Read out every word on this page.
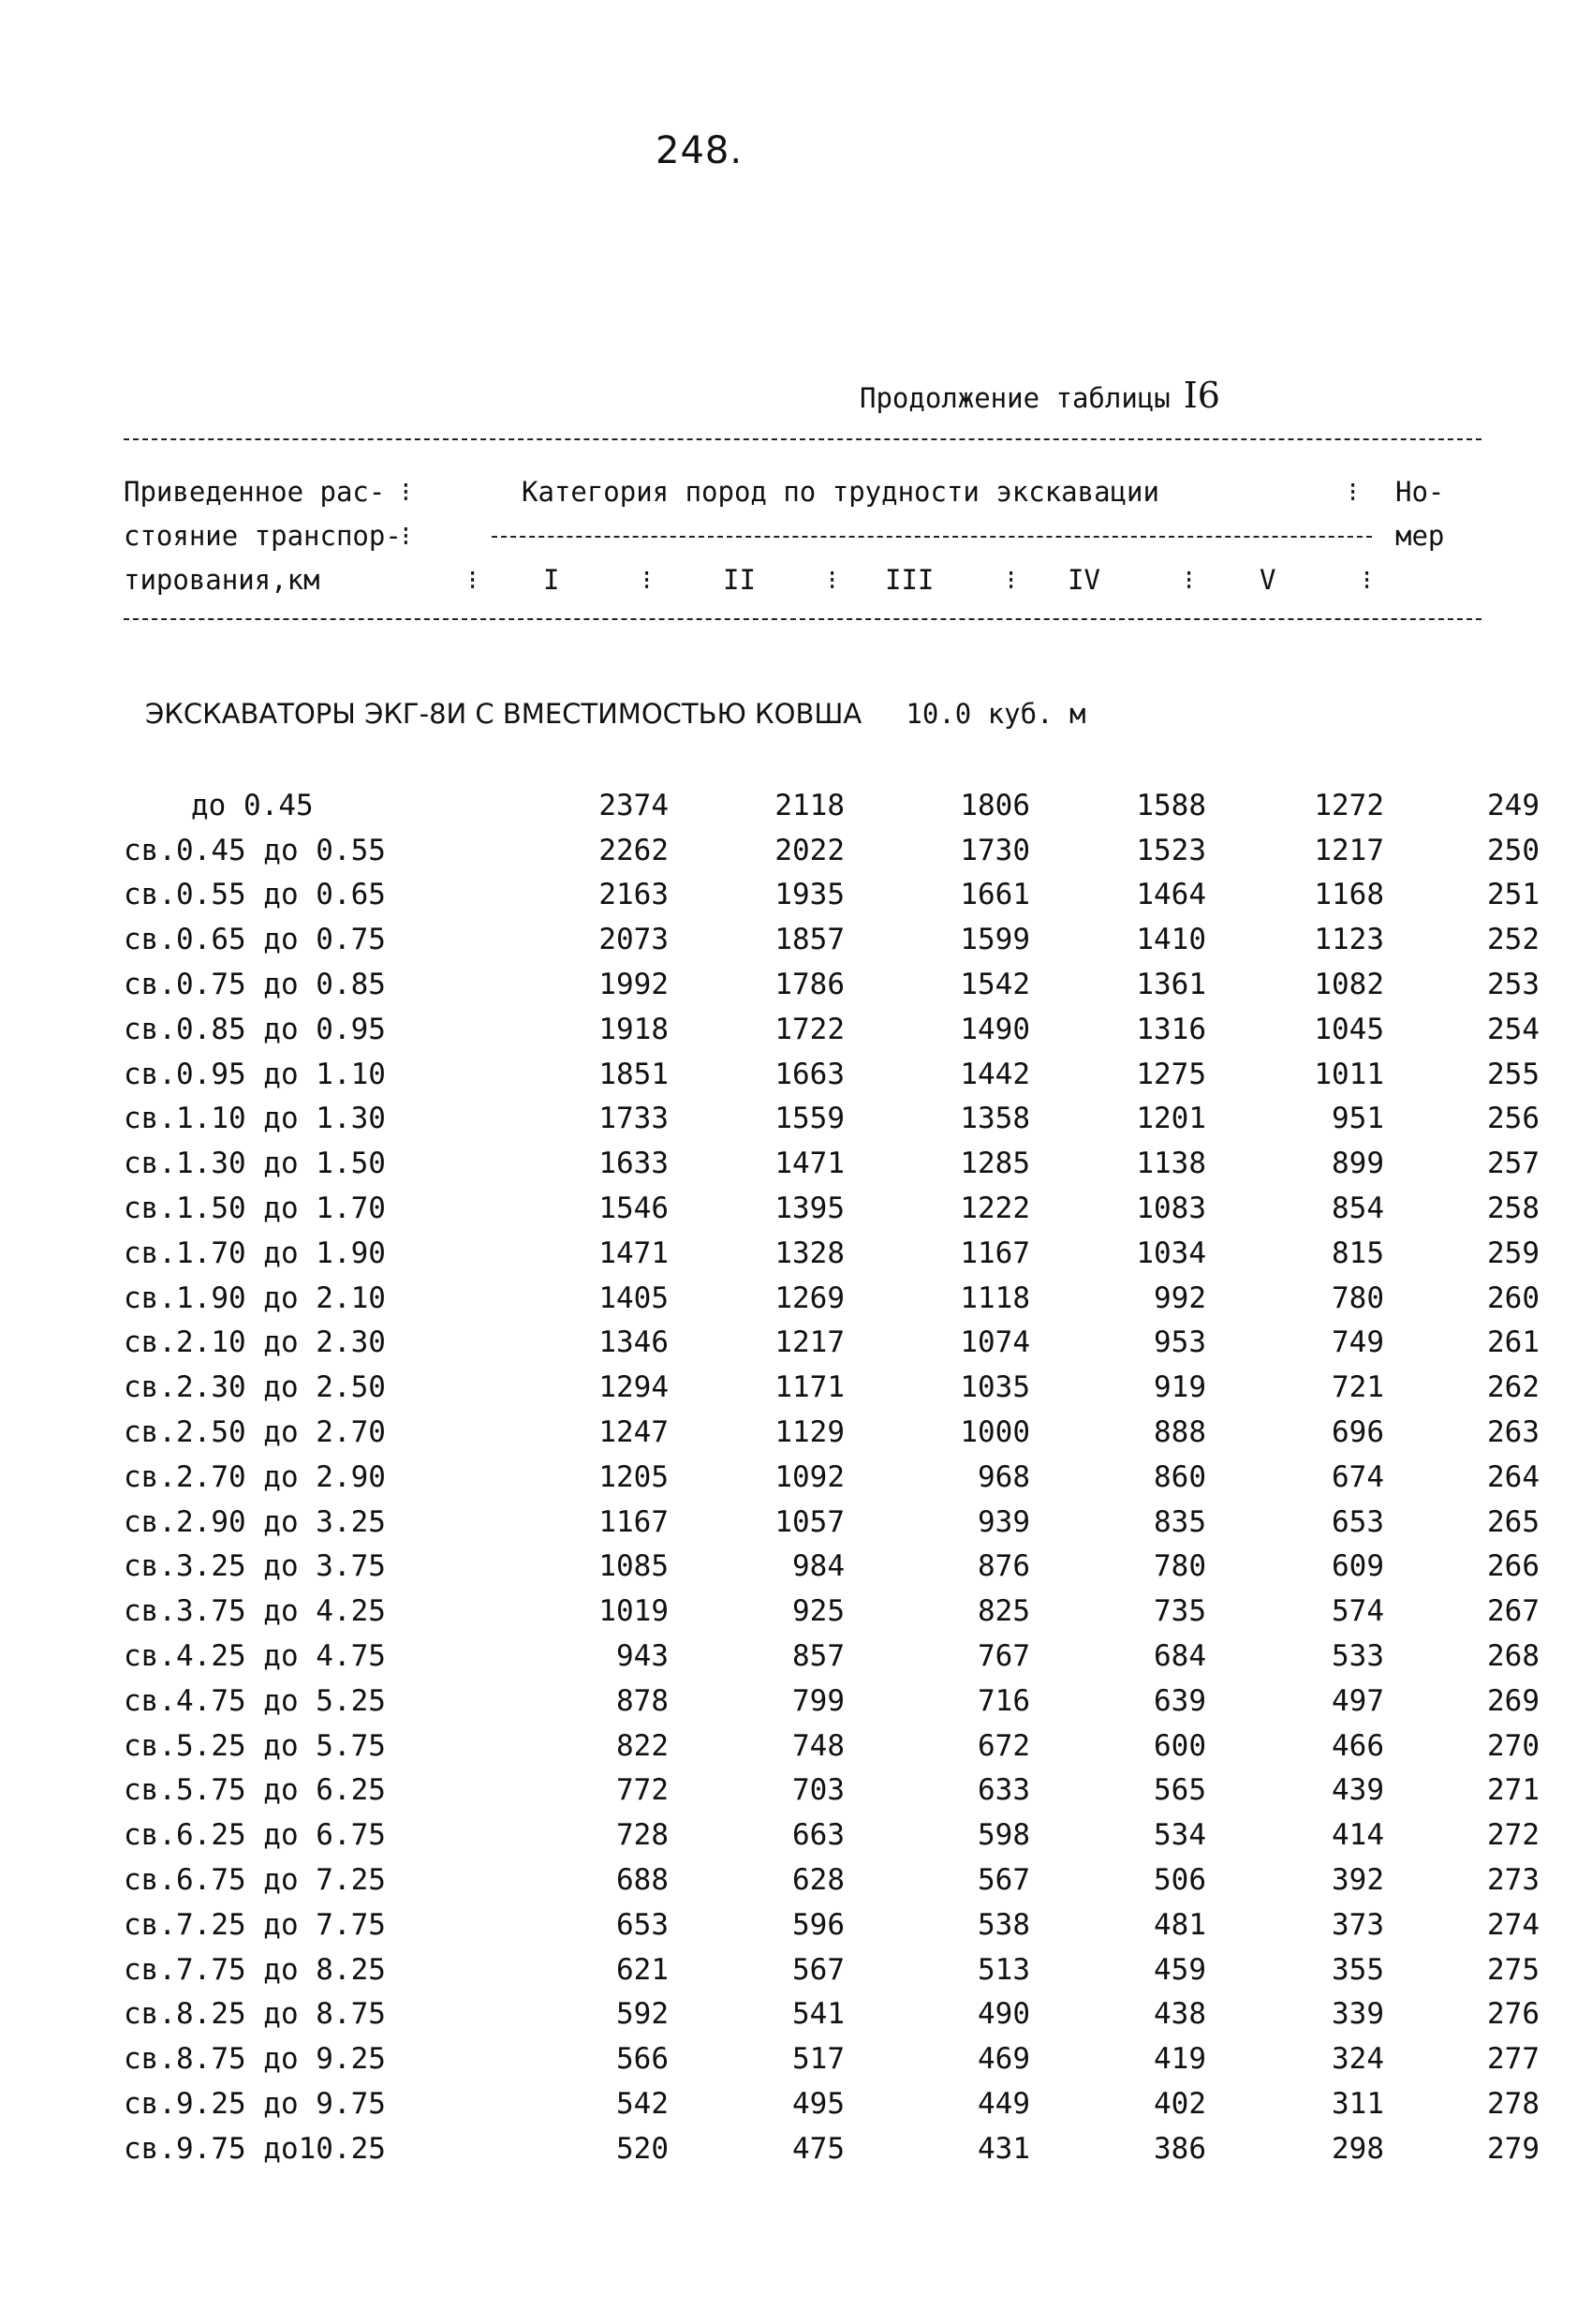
248.
Продолжение таблицы I6
Приведенное рас- ⁝
стояние транспор-⁝
тирования,км
Категория пород по трудности экскавации	⁝ Но-
мер
⁝ I	⁝	II	⁝ III	⁝ IV	⁝ V	⁝
ЭКСКАВАТОРЫ ЭКГ-8И С ВМЕСТИМОСТЬЮ КОВША 10.0 куб. м
до 0.45	2374	2118	1806	1588	1272	249
св.0.45 до 0.55	2262	2022	1730	1523	1217	250
св.0.55 до 0.65	2163	1935	1661	1464	1168	251
св.0.65 до 0.75	2073	1857	1599	1410	1123	252
св.0.75 до 0.85	1992	1786	1542	1361	1082	253
св.0.85 до 0.95	1918	1722	1490	1316	1045	254
св.0.95 до 1.10	1851	1663	1442	1275	1011	255
св.1.10 до 1.30	1733	1559	1358	1201	951	256
св.1.30 до 1.50	1633	1471	1285	1138	899	257
св.1.50 до 1.70	1546	1395	1222	1083	854	258
св.1.70 до 1.90	1471	1328	1167	1034	815	259
св.1.90 до 2.10	1405	1269	1118	992	780	260
св.2.10 до 2.30	1346	1217	1074	953	749	261
св.2.30 до 2.50	1294	1171	1035	919	721	262
св.2.50 до 2.70	1247	1129	1000	888	696	263
св.2.70 до 2.90	1205	1092	968	860	674	264
св.2.90 до 3.25	1167	1057	939	835	653	265
св.3.25 до 3.75	1085	984	876	780	609	266
св.3.75 до 4.25	1019	925	825	735	574	267
св.4.25 до 4.75	943	857	767	684	533	268
св.4.75 до 5.25	878	799	716	639	497	269
св.5.25 до 5.75	822	748	672	600	466	270
св.5.75 до 6.25	772	703	633	565	439	271
св.6.25 до 6.75	728	663	598	534	414	272
св.6.75 до 7.25	688	628	567	506	392	273
св.7.25 до 7.75	653	596	538	481	373	274
св.7.75 до 8.25	621	567	513	459	355	275
св.8.25 до 8.75	592	541	490	438	339	276
св.8.75 до 9.25	566	517	469	419	324	277
св.9.25 до 9.75	542	495	449	402	311	278
св.9.75 до10.25	520	475	431	386	298	279
